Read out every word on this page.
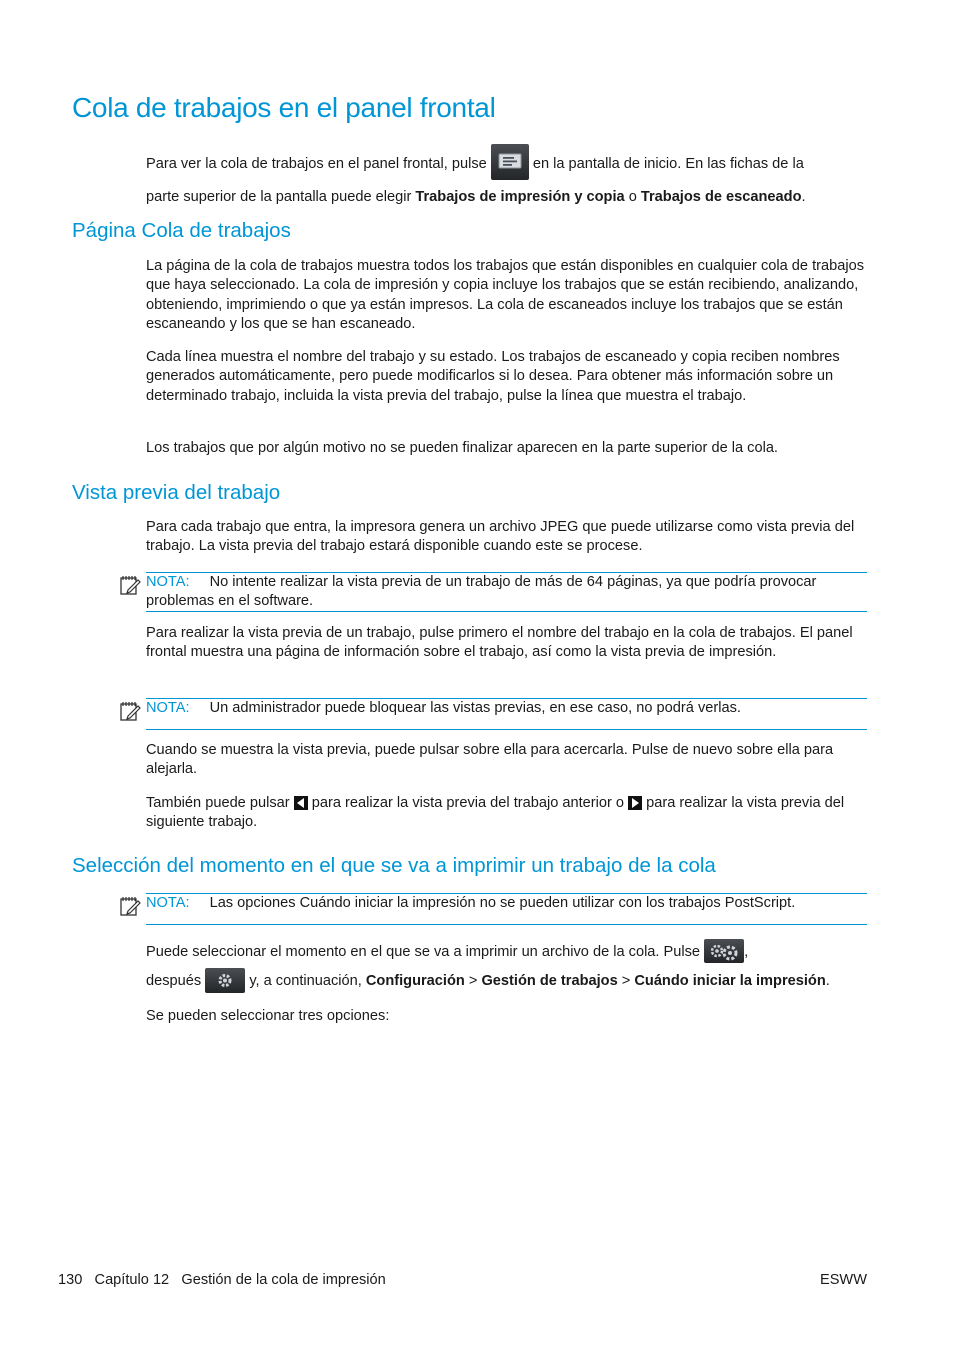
Cola de trabajos en el panel frontal
Para ver la cola de trabajos en el panel frontal, pulse	en la pantalla de inicio. En las fichas de la
parte superior de la pantalla puede elegir Trabajos de impresión y copia o Trabajos de escaneado.
Página Cola de trabajos

La página de la cola de trabajos muestra todos los trabajos que están disponibles en cualquier cola de trabajos que haya seleccionado. La cola de impresión y copia incluye los trabajos que se están recibiendo, analizando, obteniendo, imprimiendo o que ya están impresos. La cola de escaneados incluye los trabajos que se están escaneando y los que se han escaneado.

Cada línea muestra el nombre del trabajo y su estado. Los trabajos de escaneado y copia reciben nombres generados automáticamente, pero puede modificarlos si lo desea. Para obtener más información sobre un determinado trabajo, incluida la vista previa del trabajo, pulse la línea que muestra el trabajo.

Los trabajos que por algún motivo no se pueden finalizar aparecen en la parte superior de la cola.

Vista previa del trabajo

Para cada trabajo que entra, la impresora genera un archivo JPEG que puede utilizarse como vista previa del trabajo. La vista previa del trabajo estará disponible cuando este se procese.

NOTA: No intente realizar la vista previa de un trabajo de más de 64 páginas, ya que podría provocar problemas en el software.

Para realizar la vista previa de un trabajo, pulse primero el nombre del trabajo en la cola de trabajos. El panel frontal muestra una página de información sobre el trabajo, así como la vista previa de impresión.

NOTA: Un administrador puede bloquear las vistas previas, en ese caso, no podrá verlas.

Cuando se muestra la vista previa, puede pulsar sobre ella para acercarla. Pulse de nuevo sobre ella para alejarla.

También puede pulsar para realizar la vista previa del trabajo anterior o para realizar la vista previa del siguiente trabajo.

Selección del momento en el que se va a imprimir un trabajo de la cola

NOTA: Las opciones Cuándo iniciar la impresión no se pueden utilizar con los trabajos PostScript.

Puede seleccionar el momento en el que se va a imprimir un archivo de la cola. Pulse	,
después	y, a continuación, Configuración > Gestión de trabajos > Cuándo iniciar la impresión.

Se pueden seleccionar tres opciones:

130 Capítulo 12 Gestión de la cola de impresión	ESWW
